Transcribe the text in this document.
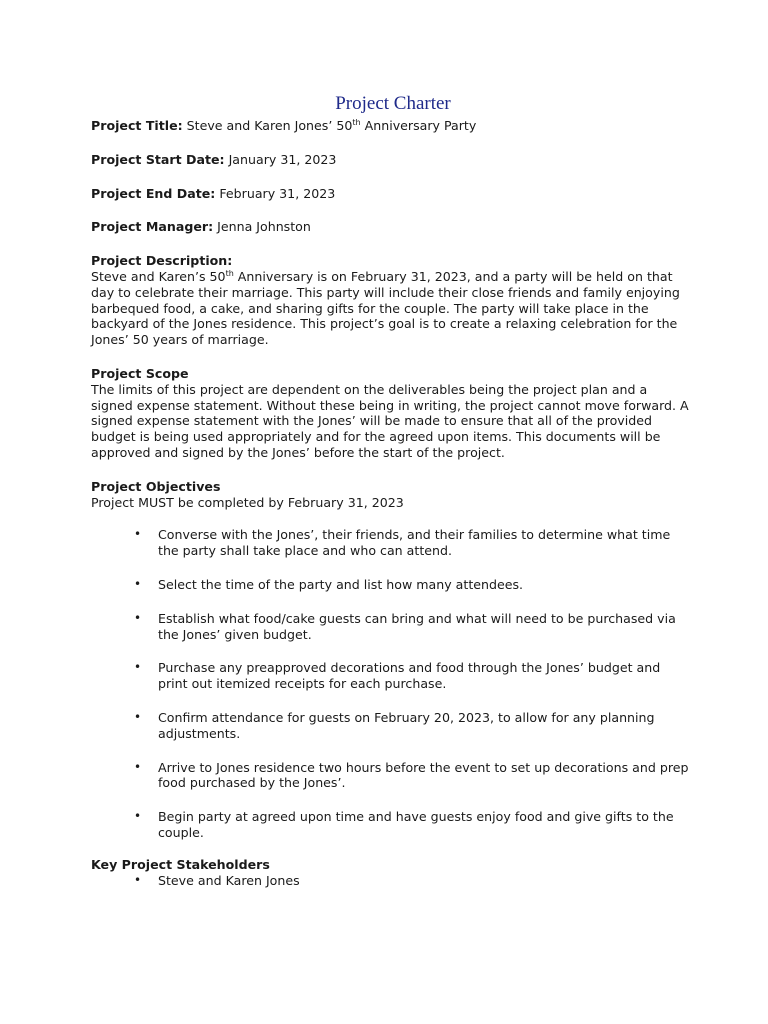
Project Charter
Project Title: Steve and Karen Jones’ 50th Anniversary Party
Project Start Date: January 31, 2023
Project End Date: February 31, 2023
Project Manager: Jenna Johnston
Project Description:
Steve and Karen’s 50th Anniversary is on February 31, 2023, and a party will be held on that day to celebrate their marriage. This party will include their close friends and family enjoying barbequed food, a cake, and sharing gifts for the couple. The party will take place in the backyard of the Jones residence. This project’s goal is to create a relaxing celebration for the Jones’ 50 years of marriage.
Project Scope
The limits of this project are dependent on the deliverables being the project plan and a signed expense statement. Without these being in writing, the project cannot move forward. A signed expense statement with the Jones’ will be made to ensure that all of the provided budget is being used appropriately and for the agreed upon items. This documents will be approved and signed by the Jones’ before the start of the project.
Project Objectives
Project MUST be completed by February 31, 2023
• Converse with the Jones’, their friends, and their families to determine what time the party shall take place and who can attend.
• Select the time of the party and list how many attendees.
• Establish what food/cake guests can bring and what will need to be purchased via the Jones’ given budget.
• Purchase any preapproved decorations and food through the Jones’ budget and print out itemized receipts for each purchase.
• Confirm attendance for guests on February 20, 2023, to allow for any planning adjustments.
• Arrive to Jones residence two hours before the event to set up decorations and prep food purchased by the Jones’.
• Begin party at agreed upon time and have guests enjoy food and give gifts to the couple.
Key Project Stakeholders
• Steve and Karen Jones
